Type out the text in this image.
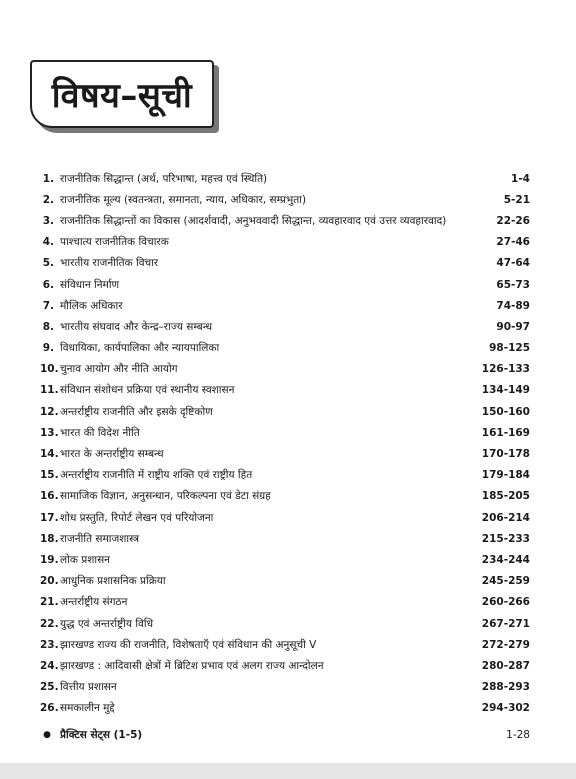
विषय–सूची
1. राजनीतिक सिद्धान्त (अर्थ, परिभाषा, महत्त्व एवं स्थिति)	1-4
2. राजनीतिक मूल्य (स्वतन्त्रता, समानता, न्याय, अधिकार, सम्प्रभुता)	5-21
3. राजनीतिक सिद्धान्तों का विकास (आदर्शवादी, अनुभववादी सिद्धान्त, व्यवहारवाद एवं उत्तर व्यवहारवाद)	22-26
4. पाश्चात्य राजनीतिक विचारक	27-46
5. भारतीय राजनीतिक विचार	47-64
6. संविधान निर्माण	65-73
7. मौलिक अधिकार	74-89
8. भारतीय संघवाद और केन्द्र–राज्य सम्बन्ध	90-97
9. विधायिका, कार्यपालिका और न्यायपालिका	98-125
10. चुनाव आयोग और नीति आयोग	126-133
11. संविधान संशोधन प्रक्रिया एवं स्थानीय स्वशासन	134-149
12. अन्तर्राष्ट्रीय राजनीति और इसके दृष्टिकोण	150-160
13. भारत की विदेश नीति	161-169
14. भारत के अन्तर्राष्ट्रीय सम्बन्ध	170-178
15. अन्तर्राष्ट्रीय राजनीति में राष्ट्रीय शक्ति एवं राष्ट्रीय हित	179-184
16. सामाजिक विज्ञान, अनुसन्धान, परिकल्पना एवं डेटा संग्रह	185-205
17. शोध प्रस्तुति, रिपोर्ट लेखन एवं परियोजना	206-214
18. राजनीति समाजशास्त्र	215-233
19. लोक प्रशासन	234-244
20. आधुनिक प्रशासनिक प्रक्रिया	245-259
21. अन्तर्राष्ट्रीय संगठन	260-266
22. युद्ध एवं अन्तर्राष्ट्रीय विधि	267-271
23. झारखण्ड राज्य की राजनीति, विशेषताएँ एवं संविधान की अनुसूची V	272-279
24. झारखण्ड : आदिवासी क्षेत्रों में ब्रिटिश प्रभाव एवं अलग राज्य आन्दोलन	280-287
25. वित्तीय प्रशासन	288-293
26. समकालीन मुद्दे	294-302
● प्रैक्टिस सेट्स (1-5)	1-28
